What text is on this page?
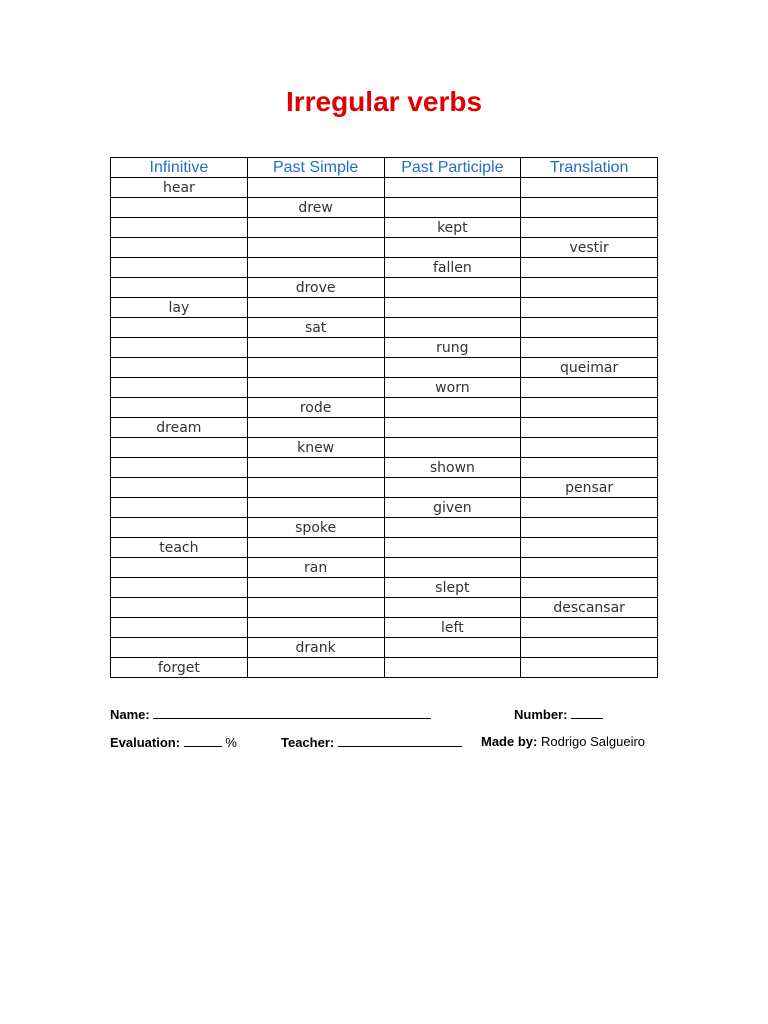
Irregular verbs
Infinitive	Past Simple	Past Participle	Translation
hear			
	drew		
		kept	
			vestir
		fallen	
	drove		
lay			
	sat		
		rung	
			queimar
		worn	
	rode		
dream			
	knew		
		shown	
			pensar
		given	
	spoke		
teach			
	ran		
		slept	
			descansar
		left	
	drank		
forget			
Name:	Number:
Evaluation:	%	Teacher:	Made by: Rodrigo Salgueiro
